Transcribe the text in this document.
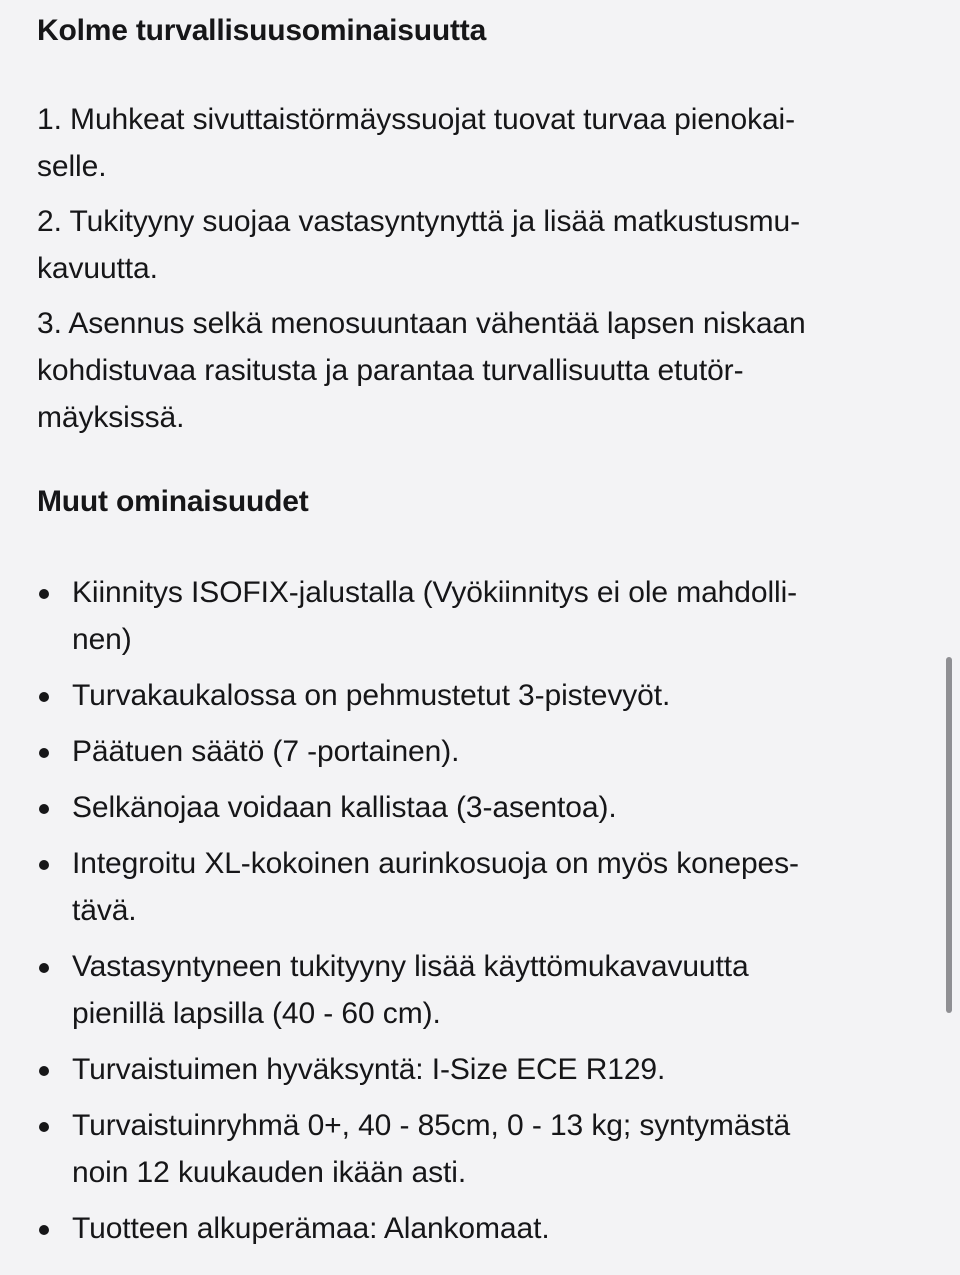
Kolme turvallisuusominaisuutta

1. Muhkeat sivuttaistörmäyssuojat tuovat turvaa pienokai-
selle.

2. Tukityyny suojaa vastasyntynyttä ja lisää matkustusmu-
kavuutta.

3. Asennus selkä menosuuntaan vähentää lapsen niskaan
kohdistuvaa rasitusta ja parantaa turvallisuutta etutör-
mäyksissä.

Muut ominaisuudet
Kiinnitys ISOFIX-jalustalla (Vyökiinnitys ei ole mahdolli-
nen)
Turvakaukalossa on pehmustetut 3-pistevyöt.
Päätuen säätö (7 -portainen).
Selkänojaa voidaan kallistaa (3-asentoa).
Integroitu XL-kokoinen aurinkosuoja on myös konepes-
tävä.
Vastasyntyneen tukityyny lisää käyttömukavavuutta
pienillä lapsilla (40 - 60 cm).
Turvaistuimen hyväksyntä: I-Size ECE R129.
Turvaistuinryhmä 0+, 40 - 85cm, 0 - 13 kg; syntymästä
noin 12 kuukauden ikään asti.
Tuotteen alkuperämaa: Alankomaat.
